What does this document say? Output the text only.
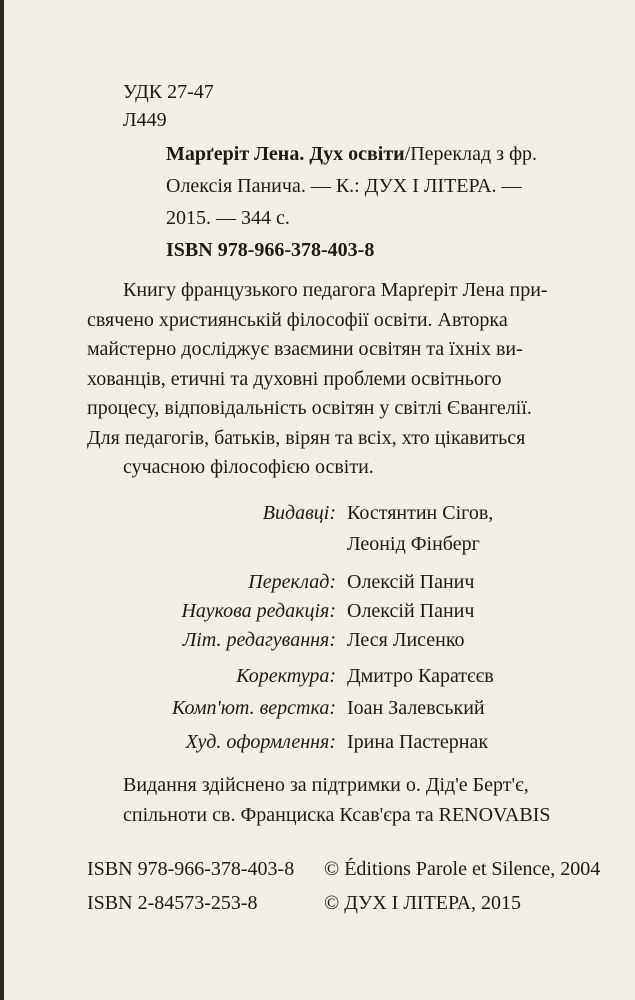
УДК 27-47
Л449
Марґеріт Лена. Дух освіти/Переклад з фр.
Олексія Панича. — К.: ДУХ І ЛІТЕРА. —
2015. — 344 с.
ISBN 978-966-378-403-8
Книгу французького педагога Марґеріт Лена при-
свячено християнській філософії освіти. Авторка
майстерно досліджує взаємини освітян та їхніх ви-
хованців, етичні та духовні проблеми освітнього
процесу, відповідальність освітян у світлі Євангелії.
Для педагогів, батьків, вірян та всіх, хто цікавиться
сучасною філософією освіти.
Видавці: Костянтин Сігов,
Леонід Фінберг
Переклад: Олексій Панич
Наукова редакція: Олексій Панич
Літ. редагування: Леся Лисенко
Коректура: Дмитро Каратєєв
Комп'ют. верстка: Іоан Залевський
Худ. оформлення: Ірина Пастернак
Видання здійснено за підтримки о. Дід'е Берт'є,
спільноти св. Франциска Ксав'єра та RENOVABIS
ISBN 978-966-378-403-8
ISBN 2-84573-253-8
© Éditions Parole et Silence, 2004
© ДУХ І ЛІТЕРА, 2015
